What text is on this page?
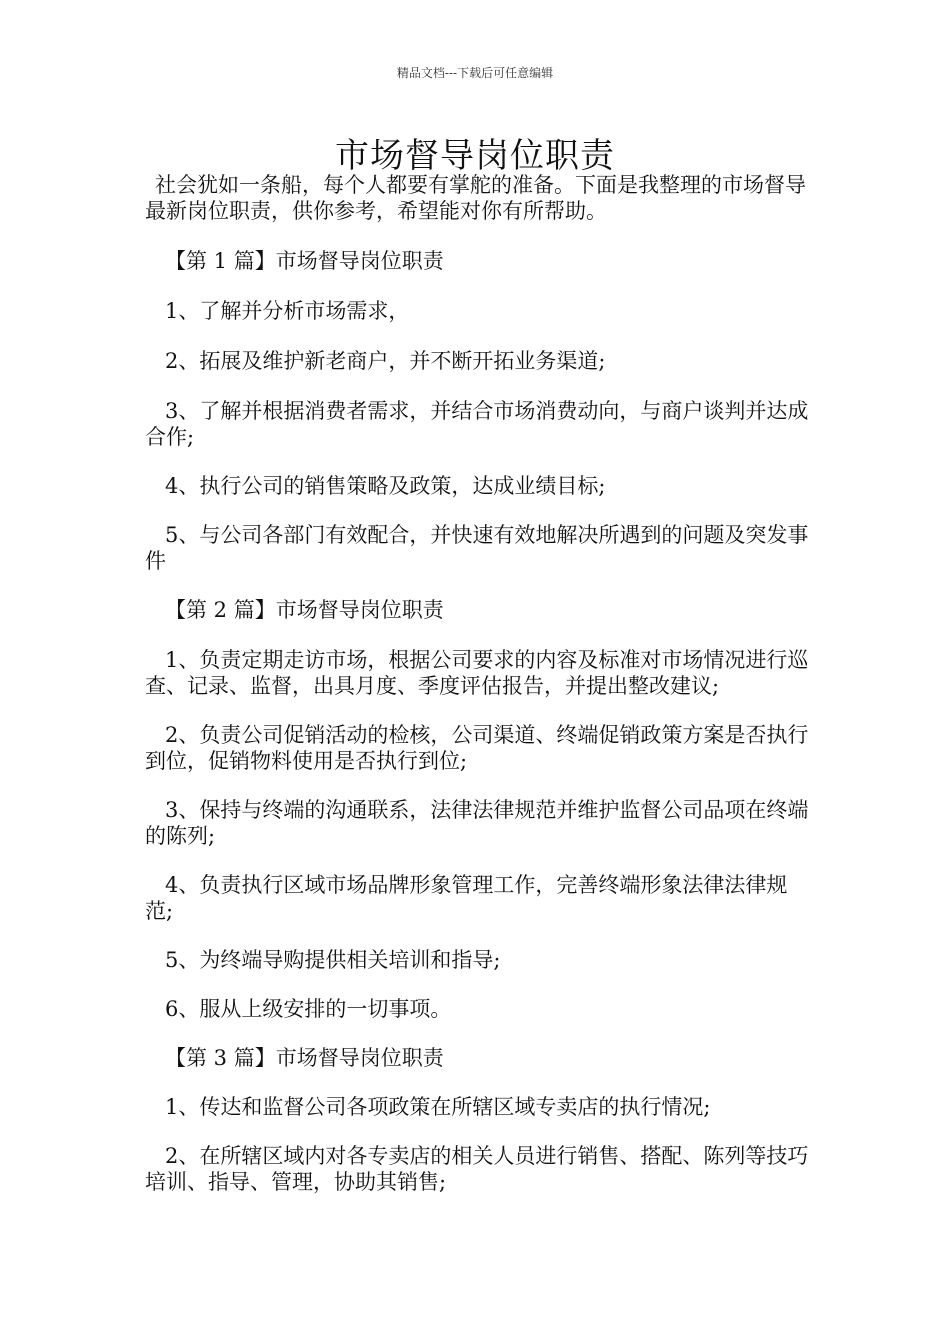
精品文档---下载后可任意编辑
市场督导岗位职责

社会犹如一条船，每个人都要有掌舵的准备。下面是我整理的市场督导最新岗位职责，供你参考，希望能对你有所帮助。

【第 1 篇】市场督导岗位职责

1、了解并分析市场需求，

2、拓展及维护新老商户，并不断开拓业务渠道;

3、了解并根据消费者需求，并结合市场消费动向，与商户谈判并达成合作;

4、执行公司的销售策略及政策，达成业绩目标;

5、与公司各部门有效配合，并快速有效地解决所遇到的问题及突发事件

【第 2 篇】市场督导岗位职责

1、负责定期走访市场，根据公司要求的内容及标准对市场情况进行巡查、记录、监督，出具月度、季度评估报告，并提出整改建议;

2、负责公司促销活动的检核，公司渠道、终端促销政策方案是否执行到位，促销物料使用是否执行到位;

3、保持与终端的沟通联系，法律法律规范并维护监督公司品项在终端的陈列;

4、负责执行区域市场品牌形象管理工作，完善终端形象法律法律规范;

5、为终端导购提供相关培训和指导;

6、服从上级安排的一切事项。

【第 3 篇】市场督导岗位职责

1、传达和监督公司各项政策在所辖区域专卖店的执行情况;

2、在所辖区域内对各专卖店的相关人员进行销售、搭配、陈列等技巧培训、指导、管理，协助其销售;
